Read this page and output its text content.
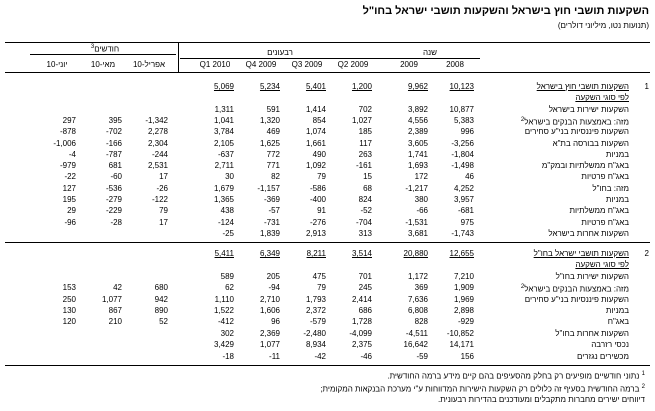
השקעות תושבי חוץ בישראל והשקעות תושבי ישראל בחו"ל
(תנועות נטו, מיליוני דולרים)
חודשים$^3$
רבעונים	שנה
2008
2009
Q2 2009
Q3 2009
Q4 2009
Q1 2010
אפריל-10
מאי-10
יוני-10
השקעות תושבי חוץ בישראל
10,123
9,962
1,200
5,401
5,234
5,069
לפי סוגי השקעה
השקעות ישירות בישראל
10,877
3,892
702
1,414
591
1,311
מזה: באמצעות הבנקים בישראל$^2$
5,383
4,556
1,027
854
1,320
1,041
-1,342
395
297
השקעות פיננסיות בני"ע סחירים
996
2,389
185
1,074
469
3,784
2,278
-702
-878
השקעות בבורסה בת"א
-3,256
3,605
117
1,661
1,625
2,105
2,304
-166
-1,006
במניות
-1,804
1,741
263
490
772
-637
-244
-787
-4
באג"ח ממשלתיות ובמק"מ
-1,498
1,693
-161
1,092
771
2,711
2,531
681
-979
באג"ח פרטיות
46
172
15
79
82
30
17
-60
-22
מזה: בחו"ל
4,252
-1,217
68
-586
-1,157
1,679
-26
-536
127
במניות
3,957
380
824
-400
-369
1,365
-122
-279
195
באג"ח ממשלתיות
-681
-66
-52
91
-57
438
79
-229
29
באג"ח פרטיות
975
-1,531
-704
-276
-731
-124
17
-28
-96
השקעות אחרות בישראל
-1,743
3,681
313
2,913
1,839
-25
השקעות תושבי ישראל בחו"ל
12,655
20,880
3,514
8,211
6,349
5,411
לפי סוגי השקעה
השקעות ישירות בחו"ל
7,210
1,172
701
475
205
589
מזה: באמצעות הבנקים בישראל$^2$
1,909
369
245
79
-94
62
680
42
153
השקעות פיננסיות בני"ע סחירים
1,969
7,636
2,414
1,793
2,710
1,110
942
1,077
250
במניות
2,898
6,808
686
2,372
1,606
1,522
890
867
130
באג"ח
-929
828
1,728
-579
96
-412
52
210
120
השקעות אחרות בחו"ל
-10,852
-4,511
-4,099
-2,480
2,369
302
נכסי רזרבה
14,171
16,642
2,375
8,934
1,077
3,429
מכשירים נגזרים
156
-59
-46
-42
-11
-18
$^1$ נתוני חודשיים מופיעים רק בחלק מהסעיפים בהם קיים מידע ברמה החודשית.
$^2$ ברמה החודשית בסעיף זה כלולים רק השקעות הישירות המדווחות ע"י מערכת הבנקאות המקומית;
דיווחים ישירים מחברות מתקבלים ומעודכנים בהדירות רבעונית.
1
2
